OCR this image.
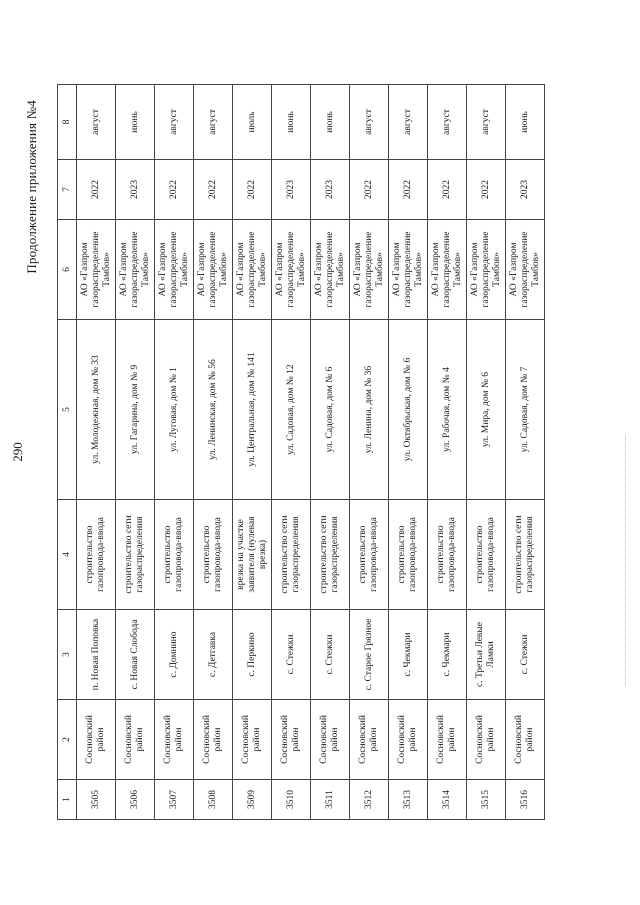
290
Продолжение приложения №4
1	2	3	4	5	6	7	8
3505	Сосновский район	п. Новая Поповка	строительство газопровода-ввода	ул. Молодежная, дом № 33	АО «Газпром газораспределение Тамбов»	2022	август
3506	Сосновский район	с. Новая Слобода	строительство сети газораспределения	ул. Гагарина, дом № 9	АО «Газпром газораспределение Тамбов»	2023	июнь
3507	Сосновский район	с. Домнино	строительство газопровода-ввода	ул. Луговая, дом № 1	АО «Газпром газораспределение Тамбов»	2022	август
3508	Сосновский район	с. Детгавка	строительство газопровода-ввода	ул. Ленинская, дом № 56	АО «Газпром газораспределение Тамбов»	2022	август
3509	Сосновский район	с. Перкино	врезка на участке заявителя (нулевая врезка)	ул. Центральная, дом № 141	АО «Газпром газораспределение Тамбов»	2022	июль
3510	Сосновский район	с. Стежки	строительство сети газораспределения	ул. Садовая, дом № 12	АО «Газпром газораспределение Тамбов»	2023	июнь
3511	Сосновский район	с. Стежки	строительство сети газораспределения	ул. Садовая, дом № 6	АО «Газпром газораспределение Тамбов»	2023	июнь
3512	Сосновский район	с. Старое Грязное	строительство газопровода-ввода	ул. Ленина, дом № 36	АО «Газпром газораспределение Тамбов»	2022	август
3513	Сосновский район	с. Чекмари	строительство газопровода-ввода	ул. Октябрьская, дом № 6	АО «Газпром газораспределение Тамбов»	2022	август
3514	Сосновский район	с. Чекмари	строительство газопровода-ввода	ул. Рабочая, дом № 4	АО «Газпром газораспределение Тамбов»	2022	август
3515	Сосновский район	с. Третьи Левые Ламки	строительство газопровода-ввода	ул. Мира, дом № 6	АО «Газпром газораспределение Тамбов»	2022	август
3516	Сосновский район	с. Стежки	строительство сети газораспределения	ул. Садовая, дом № 7	АО «Газпром газораспределение Тамбов»	2023	июнь
